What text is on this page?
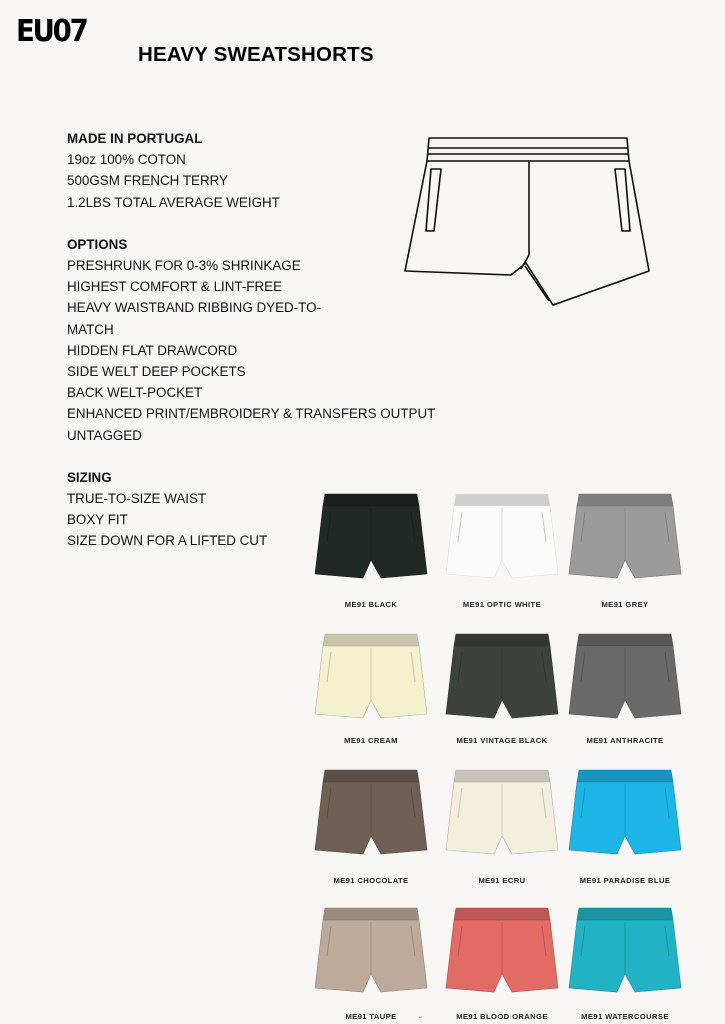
EU07
HEAVY SWEATSHORTS
MADE IN PORTUGAL
19oz 100% COTON
500GSM FRENCH TERRY
1.2LBS TOTAL AVERAGE WEIGHT
OPTIONS
PRESHRUNK FOR 0-3% SHRINKAGE
HIGHEST COMFORT & LINT-FREE
HEAVY WAISTBAND RIBBING DYED-TO-
MATCH
HIDDEN FLAT DRAWCORD
SIDE WELT DEEP POCKETS
BACK WELT-POCKET
ENHANCED PRINT/EMBROIDERY & TRANSFERS OUTPUT
UNTAGGED
SIZING
TRUE-TO-SIZE WAIST
BOXY FIT
SIZE DOWN FOR A LIFTED CUT
ME91 BLACK	ME91 OPTIC WHITE	ME91 GREY
ME91 CREAM	ME91 VINTAGE BLACK	ME91 ANTHRACITE
ME91 CHOCOLATE	ME91 ECRU	ME91 PARADISE BLUE
ME91 TAUPE	ME91 BLOOD ORANGE	ME91 WATERCOURSE
ᵉᵈ
